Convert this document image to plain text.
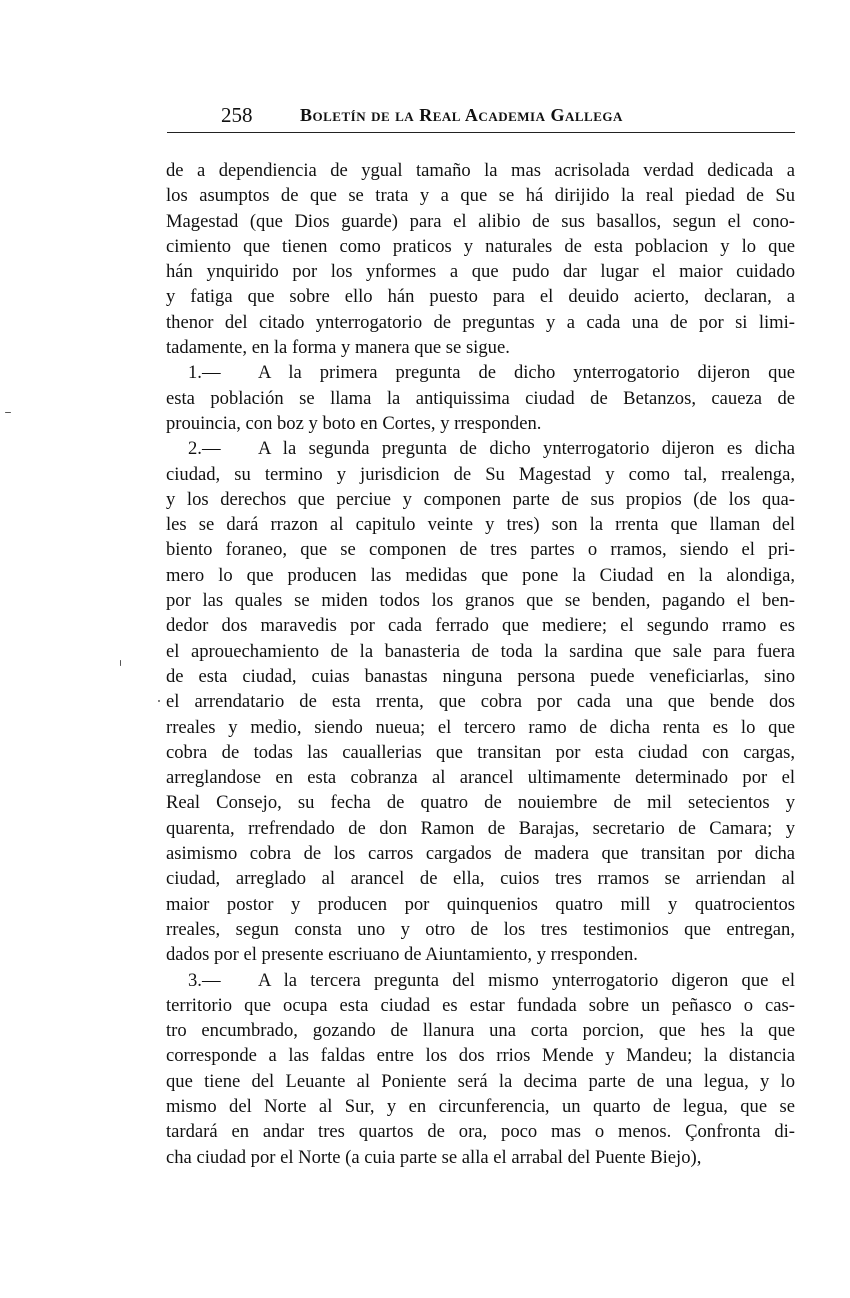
258	Boletín de la Real Academia Gallega
de a dependiencia de ygual tamaño la mas acrisolada verdad dedicada a
los asumptos de que se trata y a que se há dirijido la real piedad de Su
Magestad (que Dios guarde) para el alibio de sus basallos, segun el cono-
cimiento que tienen como praticos y naturales de esta poblacion y lo que
hán ynquirido por los ynformes a que pudo dar lugar el maior cuidado
y fatiga que sobre ello hán puesto para el deuido acierto, declaran, a
thenor del citado ynterrogatorio de preguntas y a cada una de por si limi-
tadamente, en la forma y manera que se sigue.
1.—	A la primera pregunta de dicho ynterrogatorio dijeron que
esta población se llama la antiquissima ciudad de Betanzos, caueza de
prouincia, con boz y boto en Cortes, y rresponden.
2.—	A la segunda pregunta de dicho ynterrogatorio dijeron es dicha
ciudad, su termino y jurisdicion de Su Magestad y como tal, rrealenga,
y los derechos que perciue y componen parte de sus propios (de los qua-
les se dará rrazon al capitulo veinte y tres) son la rrenta que llaman del
biento foraneo, que se componen de tres partes o rramos, siendo el pri-
mero lo que producen las medidas que pone la Ciudad en la alondiga,
por las quales se miden todos los granos que se benden, pagando el ben-
dedor dos maravedis por cada ferrado que mediere; el segundo rramo es
el aprouechamiento de la banasteria de toda la sardina que sale para fuera
de esta ciudad, cuias banastas ninguna persona puede veneficiarlas, sino
el arrendatario de esta rrenta, que cobra por cada una que bende dos
rreales y medio, siendo nueua; el tercero ramo de dicha renta es lo que
cobra de todas las cauallerias que transitan por esta ciudad con cargas,
arreglandose en esta cobranza al arancel ultimamente determinado por el
Real Consejo, su fecha de quatro de nouiembre de mil setecientos y
quarenta, rrefrendado de don Ramon de Barajas, secretario de Camara; y
asimismo cobra de los carros cargados de madera que transitan por dicha
ciudad, arreglado al arancel de ella, cuios tres rramos se arriendan al
maior postor y producen por quinquenios quatro mill y quatrocientos
rreales, segun consta uno y otro de los tres testimonios que entregan,
dados por el presente escriuano de Aiuntamiento, y rresponden.
3.—	A la tercera pregunta del mismo ynterrogatorio digeron que el
territorio que ocupa esta ciudad es estar fundada sobre un peñasco o cas-
tro encumbrado, gozando de llanura una corta porcion, que hes la que
corresponde a las faldas entre los dos rrios Mende y Mandeu; la distancia
que tiene del Leuante al Poniente será la decima parte de una legua, y lo
mismo del Norte al Sur, y en circunferencia, un quarto de legua, que se
tardará en andar tres quartos de ora, poco mas o menos. Çonfronta di-
cha ciudad por el Norte (a cuia parte se alla el arrabal del Puente Biejo),
